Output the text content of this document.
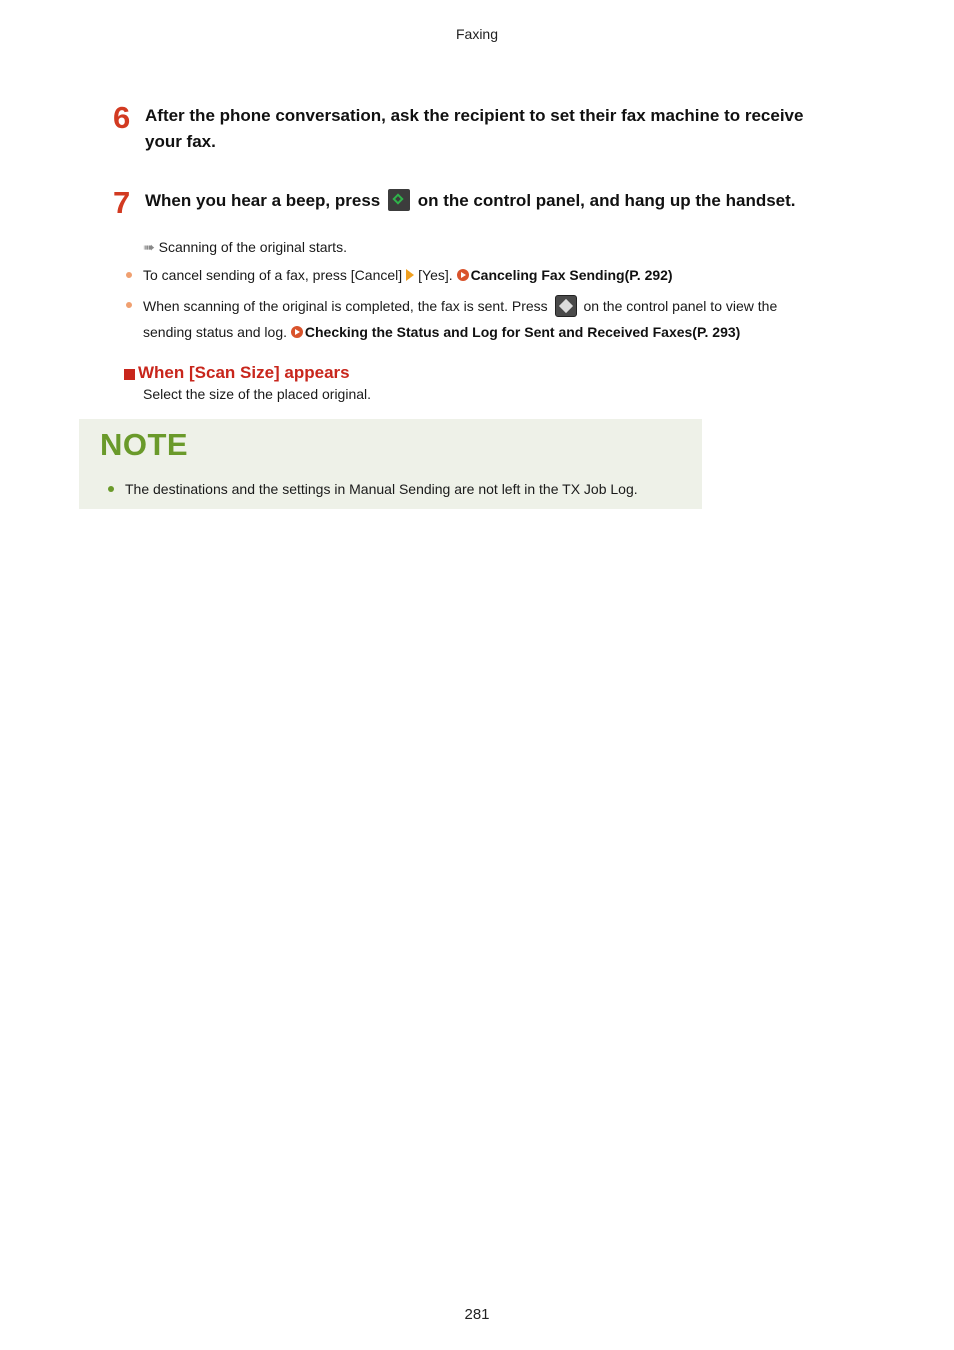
Faxing
6 After the phone conversation, ask the recipient to set their fax machine to receive
your fax.
7 When you hear a beep, press on the control panel, and hang up the handset.
➠ Scanning of the original starts.
To cancel sending of a fax, press [Cancel] [Yes]. Canceling Fax Sending(P. 292)
When scanning of the original is completed, the fax is sent. Press	on the control panel to view the
sending status and log. Checking the Status and Log for Sent and Received Faxes(P. 293)
When [Scan Size] appears
Select the size of the placed original.
NOTE
The destinations and the settings in Manual Sending are not left in the TX Job Log.
281
